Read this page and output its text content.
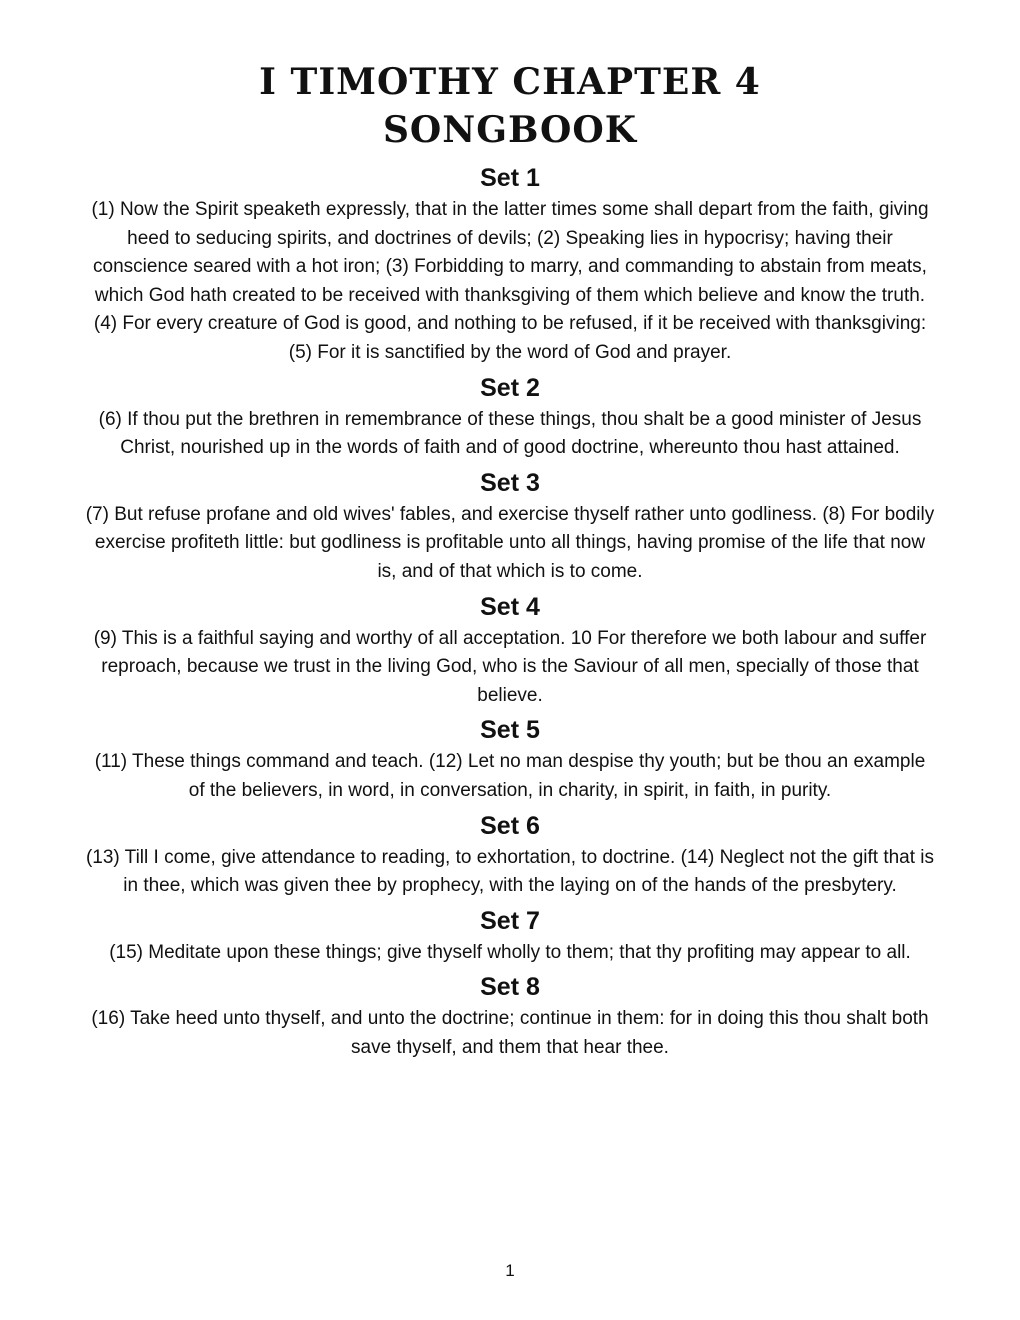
I TIMOTHY CHAPTER 4
SONGBOOK
Set 1

(1) Now the Spirit speaketh expressly, that in the latter times some shall depart from the faith, giving heed to seducing spirits, and doctrines of devils; (2) Speaking lies in hypocrisy; having their conscience seared with a hot iron; (3) Forbidding to marry, and commanding to abstain from meats, which God hath created to be received with thanksgiving of them which believe and know the truth. (4) For every creature of God is good, and nothing to be refused, if it be received with thanksgiving: (5) For it is sanctified by the word of God and prayer.

Set 2

(6) If thou put the brethren in remembrance of these things, thou shalt be a good minister of Jesus Christ, nourished up in the words of faith and of good doctrine, whereunto thou hast attained.

Set 3

(7) But refuse profane and old wives' fables, and exercise thyself rather unto godliness. (8) For bodily exercise profiteth little: but godliness is profitable unto all things, having promise of the life that now is, and of that which is to come.

Set 4

(9) This is a faithful saying and worthy of all acceptation. 10 For therefore we both labour and suffer reproach, because we trust in the living God, who is the Saviour of all men, specially of those that believe.

Set 5

(11) These things command and teach. (12) Let no man despise thy youth; but be thou an example of the believers, in word, in conversation, in charity, in spirit, in faith, in purity.

Set 6

(13) Till I come, give attendance to reading, to exhortation, to doctrine. (14) Neglect not the gift that is in thee, which was given thee by prophecy, with the laying on of the hands of the presbytery.

Set 7

(15) Meditate upon these things; give thyself wholly to them; that thy profiting may appear to all.

Set 8

(16) Take heed unto thyself, and unto the doctrine; continue in them: for in doing this thou shalt both save thyself, and them that hear thee.

1
